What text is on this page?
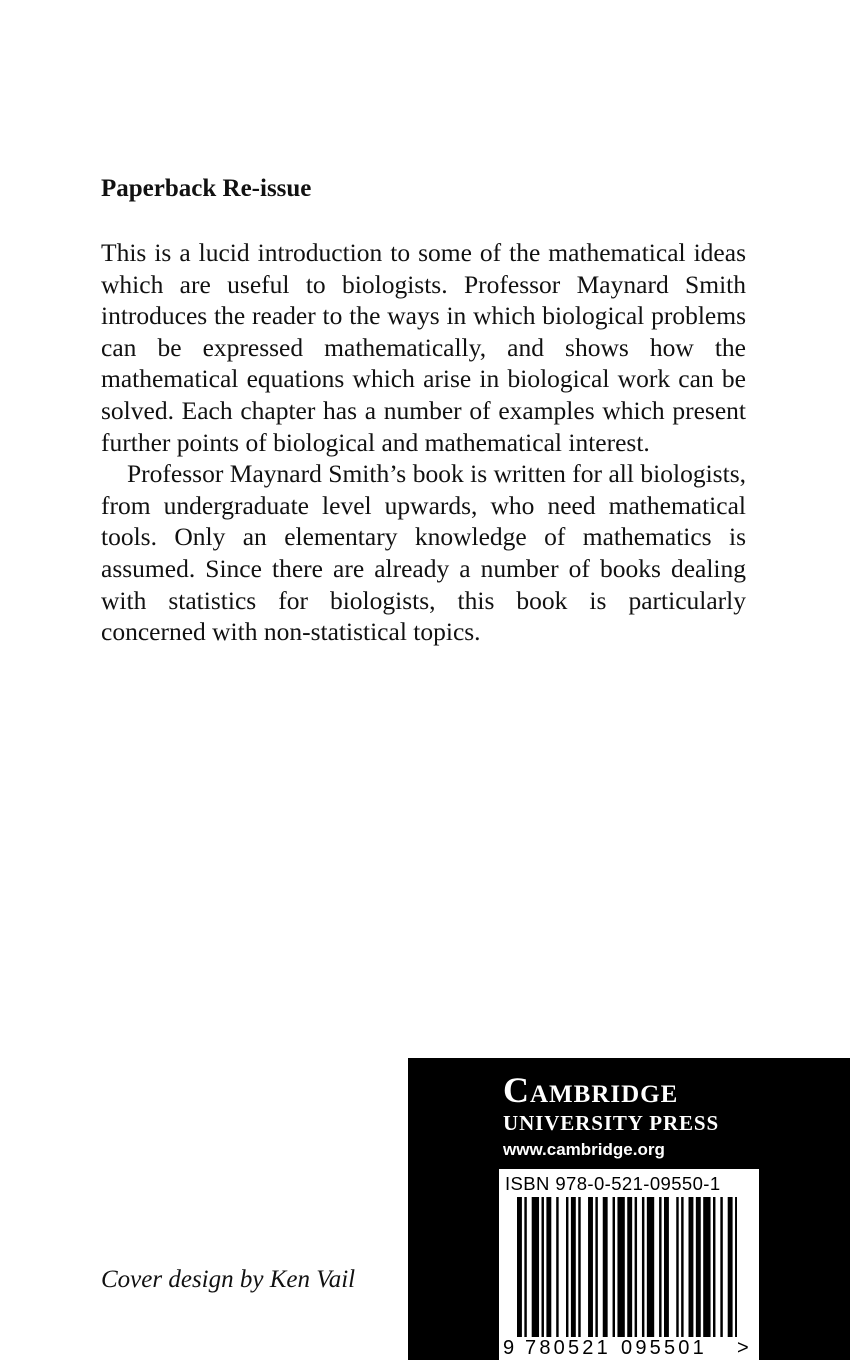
Paperback Re-issue

This is a lucid introduction to some of the mathematical ideas which are useful to biologists. Professor Maynard Smith introduces the reader to the ways in which biological problems can be expressed mathematically, and shows how the mathematical equations which arise in biological work can be solved. Each chapter has a number of examples which present further points of biological and mathematical interest.

Professor Maynard Smith’s book is written for all biologists, from undergraduate level upwards, who need mathematical tools. Only an elementary knowledge of mathematics is assumed. Since there are already a number of books dealing with statistics for biologists, this book is particularly concerned with non-statistical topics.

Cover design by Ken Vail
Cambridge
UNIVERSITY PRESS
www.cambridge.org
ISBN 978-0-521-09550-1
9 780521 095501 >
